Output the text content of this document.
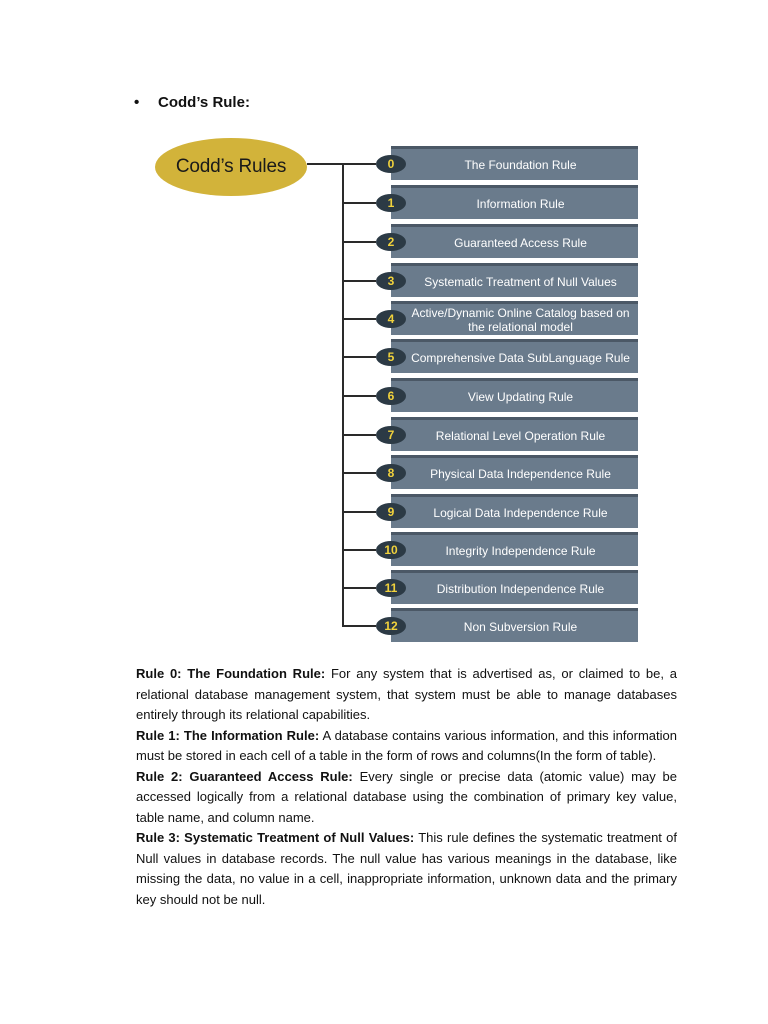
• Codd’s Rule:
Codd’s Rules	The Foundation Rule
0
Information Rule
1
Guaranteed Access Rule
2
Systematic Treatment of Null Values
3
Active/Dynamic Online Catalog based on the relational model
4
Comprehensive Data SubLanguage Rule
5
View Updating Rule
6
Relational Level Operation Rule
7
Physical Data Independence Rule
8
Logical Data Independence Rule
9
Integrity Independence Rule
10
Distribution Independence Rule
11
Non Subversion Rule
12

Rule 0: The Foundation Rule: For any system that is advertised as, or claimed to be, a relational database management system, that system must be able to manage databases entirely through its relational capabilities.

Rule 1: The Information Rule: A database contains various information, and this information must be stored in each cell of a table in the form of rows and columns(In the form of table).

Rule 2: Guaranteed Access Rule: Every single or precise data (atomic value) may be accessed logically from a relational database using the combination of primary key value, table name, and column name.

Rule 3: Systematic Treatment of Null Values: This rule defines the systematic treatment of Null values in database records. The null value has various meanings in the database, like missing the data, no value in a cell, inappropriate information, unknown data and the primary key should not be null.
